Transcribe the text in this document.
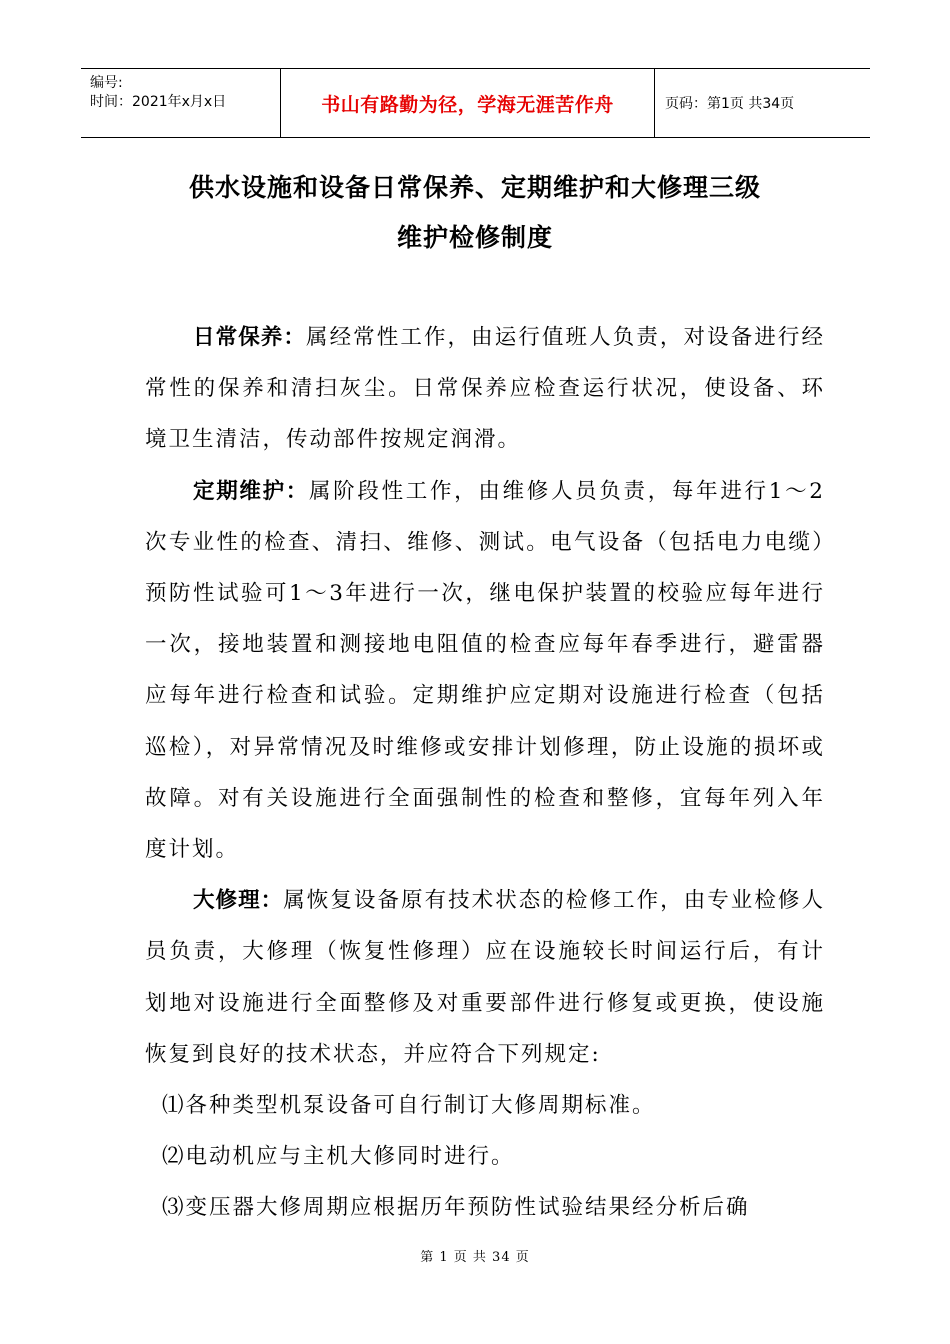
编号:
时间：2021年x月x日	书山有路勤为径，学海无涯苦作舟	页码：第1页 共34页
供水设施和设备日常保养、定期维护和大修理三级
维护检修制度

日常保养：属经常性工作，由运行值班人负责，对设备进行经常性的保养和清扫灰尘。日常保养应检查运行状况，使设备、环境卫生清洁，传动部件按规定润滑。

定期维护：属阶段性工作，由维修人员负责，每年进行1～2次专业性的检查、清扫、维修、测试。电气设备（包括电力电缆）预防性试验可1～3年进行一次，继电保护装置的校验应每年进行一次，接地装置和测接地电阻值的检查应每年春季进行，避雷器应每年进行检查和试验。定期维护应定期对设施进行检查（包括巡检），对异常情况及时维修或安排计划修理，防止设施的损坏或故障。对有关设施进行全面强制性的检查和整修，宜每年列入年度计划。

大修理：属恢复设备原有技术状态的检修工作，由专业检修人员负责，大修理（恢复性修理）应在设施较长时间运行后，有计划地对设施进行全面整修及对重要部件进行修复或更换，使设施恢复到良好的技术状态，并应符合下列规定:

⑴各种类型机泵设备可自行制订大修周期标准。

⑵电动机应与主机大修同时进行。

⑶变压器大修周期应根据历年预防性试验结果经分析后确

第 1 页 共 34 页
